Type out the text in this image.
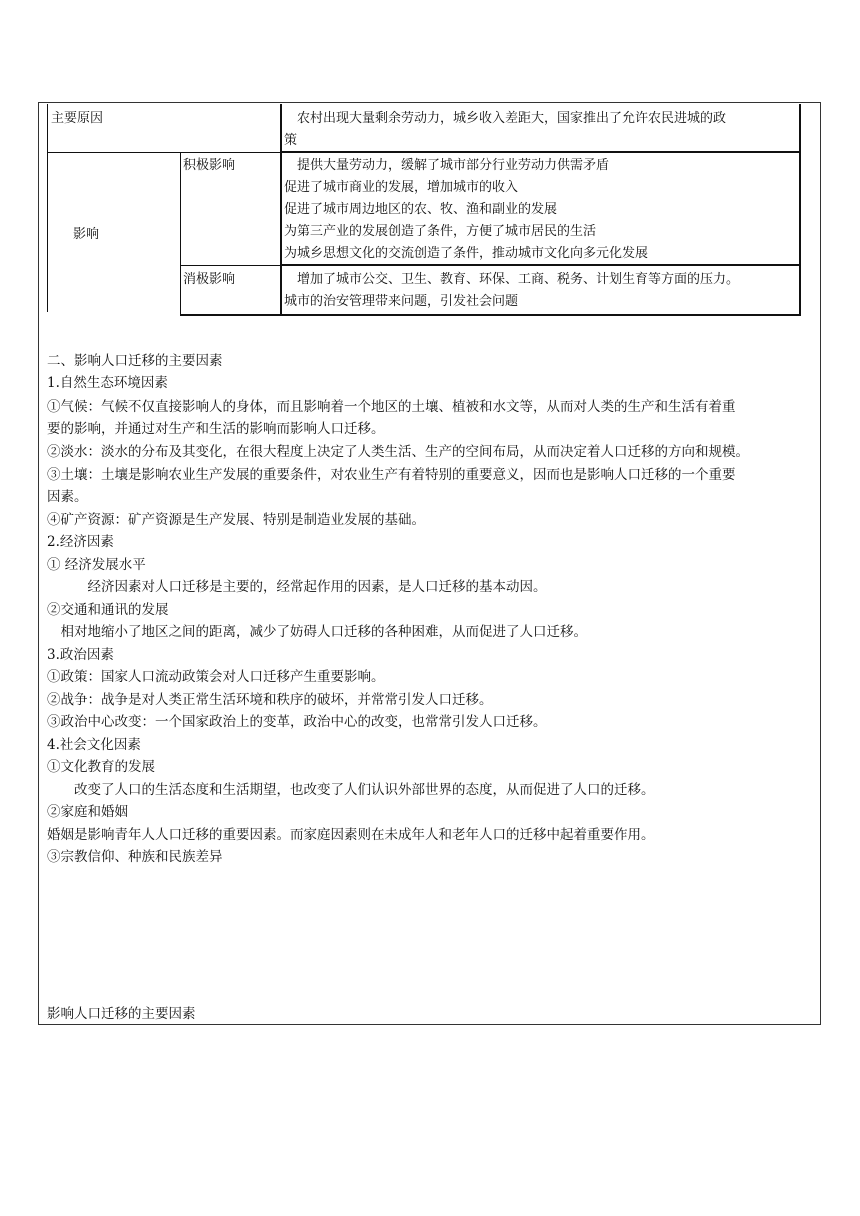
主要原因	　农村出现大量剩余劳动力，城乡收入差距大，国家推出了允许农民进城的政
策
影响
积极影响	　提供大量劳动力，缓解了城市部分行业劳动力供需矛盾
促进了城市商业的发展，增加城市的收入
促进了城市周边地区的农、牧、渔和副业的发展
为第三产业的发展创造了条件，方便了城市居民的生活
为城乡思想文化的交流创造了条件，推动城市文化向多元化发展
消极影响	　增加了城市公交、卫生、教育、环保、工商、税务、计划生育等方面的压力。
城市的治安管理带来问题，引发社会问题
二、影响人口迁移的主要因素
1.自然生态环境因素
①气候：气候不仅直接影响人的身体，而且影响着一个地区的土壤、植被和水文等，从而对人类的生产和生活有着重
要的影响，并通过对生产和生活的影响而影响人口迁移。
②淡水：淡水的分布及其变化，在很大程度上决定了人类生活、生产的空间布局，从而决定着人口迁移的方向和规模。
③土壤：土壤是影响农业生产发展的重要条件，对农业生产有着特别的重要意义，因而也是影响人口迁移的一个重要
因素。
④矿产资源：矿产资源是生产发展、特别是制造业发展的基础。
2.经济因素
① 经济发展水平
　　　经济因素对人口迁移是主要的，经常起作用的因素，是人口迁移的基本动因。
②交通和通讯的发展
　相对地缩小了地区之间的距离，减少了妨碍人口迁移的各种困难，从而促进了人口迁移。
3.政治因素
①政策：国家人口流动政策会对人口迁移产生重要影响。
②战争：战争是对人类正常生活环境和秩序的破坏，并常常引发人口迁移。
③政治中心改变：一个国家政治上的变革，政治中心的改变，也常常引发人口迁移。
4.社会文化因素
①文化教育的发展
　　改变了人口的生活态度和生活期望，也改变了人们认识外部世界的态度，从而促进了人口的迁移。
②家庭和婚姻
婚姻是影响青年人人口迁移的重要因素。而家庭因素则在未成年人和老年人口的迁移中起着重要作用。
③宗教信仰、种族和民族差异
影响人口迁移的主要因素
